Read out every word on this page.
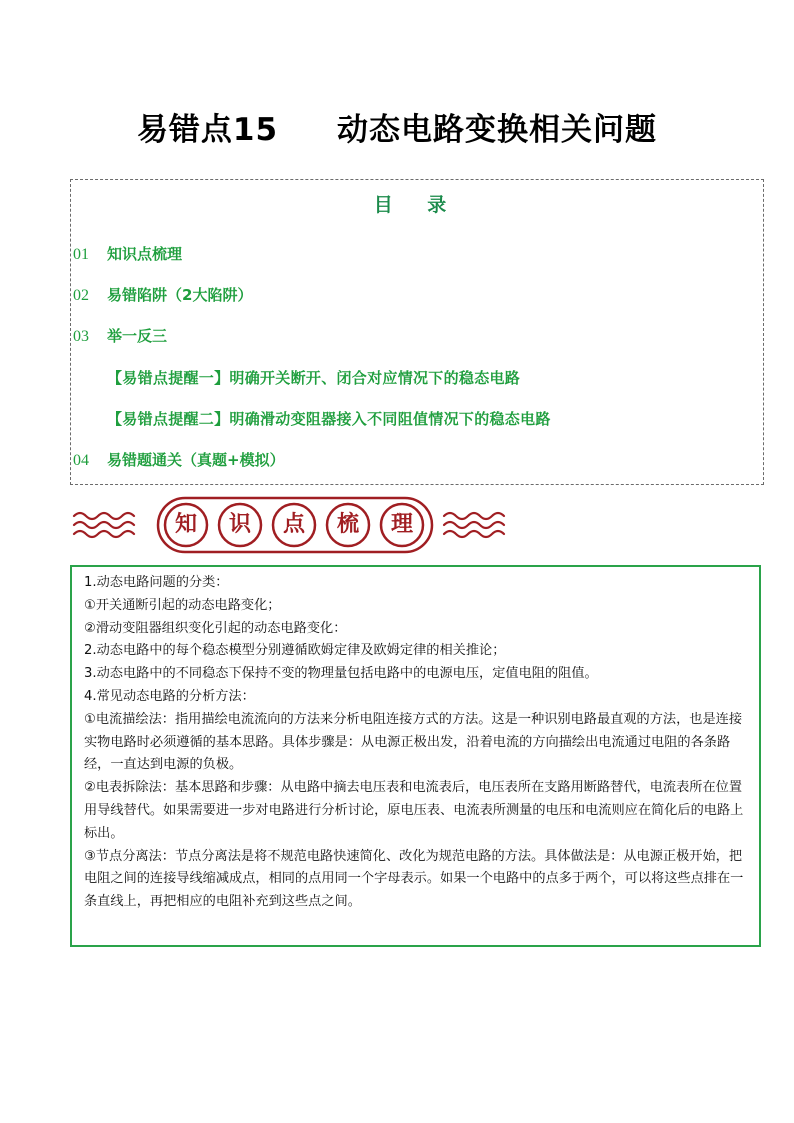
易错点15     动态电路变换相关问题
目 录
01 知识点梳理
02 易错陷阱（2大陷阱）
03 举一反三
【易错点提醒一】明确开关断开、闭合对应情况下的稳态电路
【易错点提醒二】明确滑动变阻器接入不同阻值情况下的稳态电路
04 易错题通关（真题+模拟）
知	识	点	梳	理

1.动态电路问题的分类：

①开关通断引起的动态电路变化；

②滑动变阻器组织变化引起的动态电路变化：

2.动态电路中的每个稳态模型分别遵循欧姆定律及欧姆定律的相关推论；

3.动态电路中的不同稳态下保持不变的物理量包括电路中的电源电压，定值电阻的阻值。

4.常见动态电路的分析方法：

①电流描绘法：指用描绘电流流向的方法来分析电阻连接方式的方法。这是一种识别电路最直观的方法，也是连接实物电路时必须遵循的基本思路。具体步骤是：从电源正极出发，沿着电流的方向描绘出电流通过电阻的各条路经，一直达到电源的负极。

②电表拆除法：基本思路和步骤：从电路中摘去电压表和电流表后，电压表所在支路用断路替代，电流表所在位置用导线替代。如果需要进一步对电路进行分析讨论，原电压表、电流表所测量的电压和电流则应在简化后的电路上标出。

③节点分离法：节点分离法是将不规范电路快速简化、改化为规范电路的方法。具体做法是：从电源正极开始，把电阻之间的连接导线缩减成点，相同的点用同一个字母表示。如果一个电路中的点多于两个，可以将这些点排在一条直线上，再把相应的电阻补充到这些点之间。
